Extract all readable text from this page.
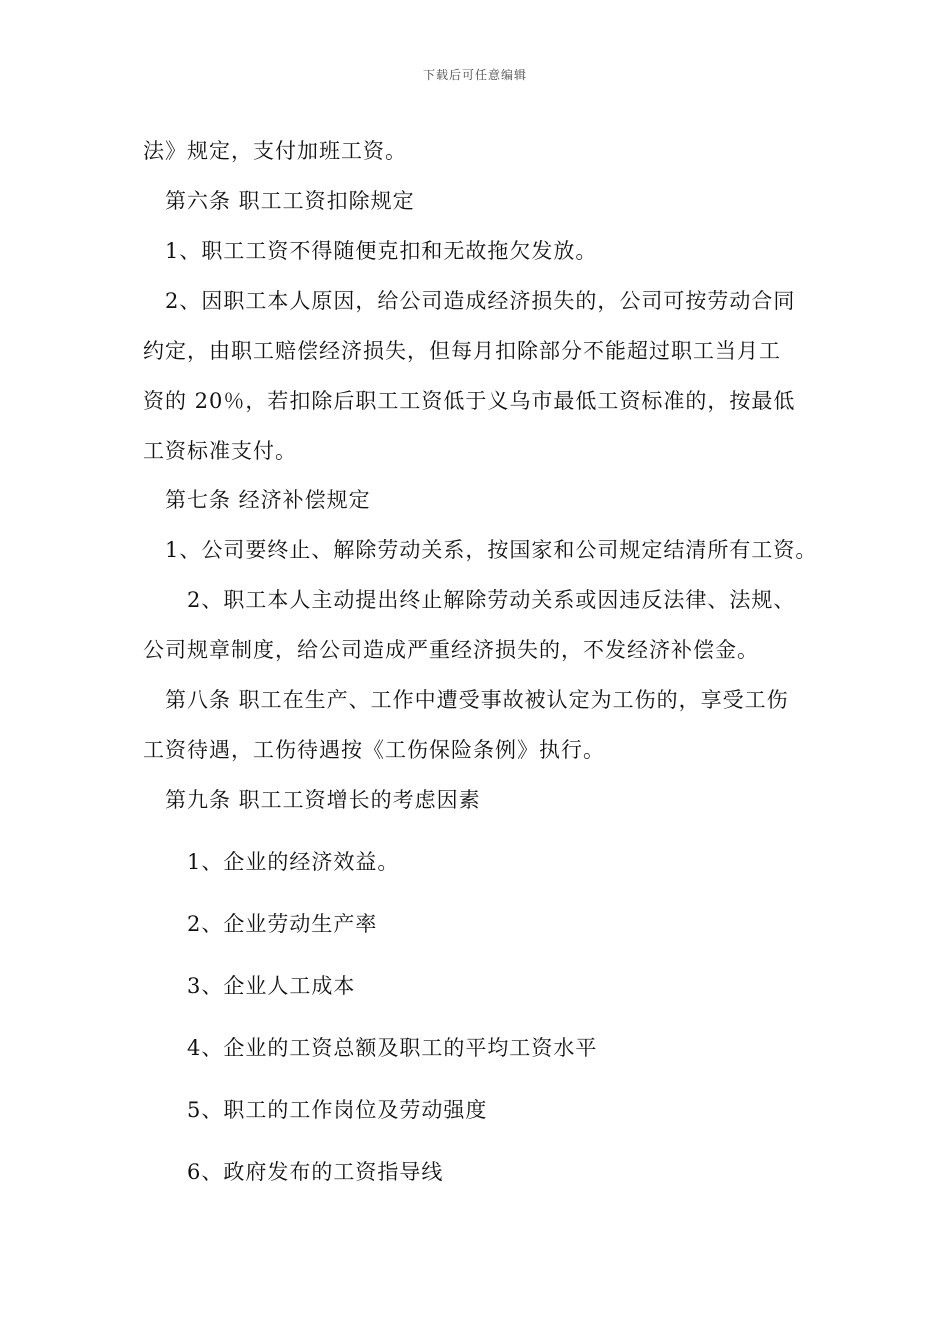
下载后可任意编辑
法》规定，支付加班工资。
第六条 职工工资扣除规定
1、职工工资不得随便克扣和无故拖欠发放。
2、因职工本人原因，给公司造成经济损失的，公司可按劳动合同
约定，由职工赔偿经济损失，但每月扣除部分不能超过职工当月工
资的 20％，若扣除后职工工资低于义乌市最低工资标准的，按最低
工资标准支付。
第七条 经济补偿规定
1、公司要终止、解除劳动关系，按国家和公司规定结清所有工资。
2、职工本人主动提出终止解除劳动关系或因违反法律、法规、
公司规章制度，给公司造成严重经济损失的，不发经济补偿金。
第八条 职工在生产、工作中遭受事故被认定为工伤的，享受工伤
工资待遇，工伤待遇按《工伤保险条例》执行。
第九条 职工工资增长的考虑因素
1、企业的经济效益。
2、企业劳动生产率
3、企业人工成本
4、企业的工资总额及职工的平均工资水平
5、职工的工作岗位及劳动强度
6、政府发布的工资指导线
